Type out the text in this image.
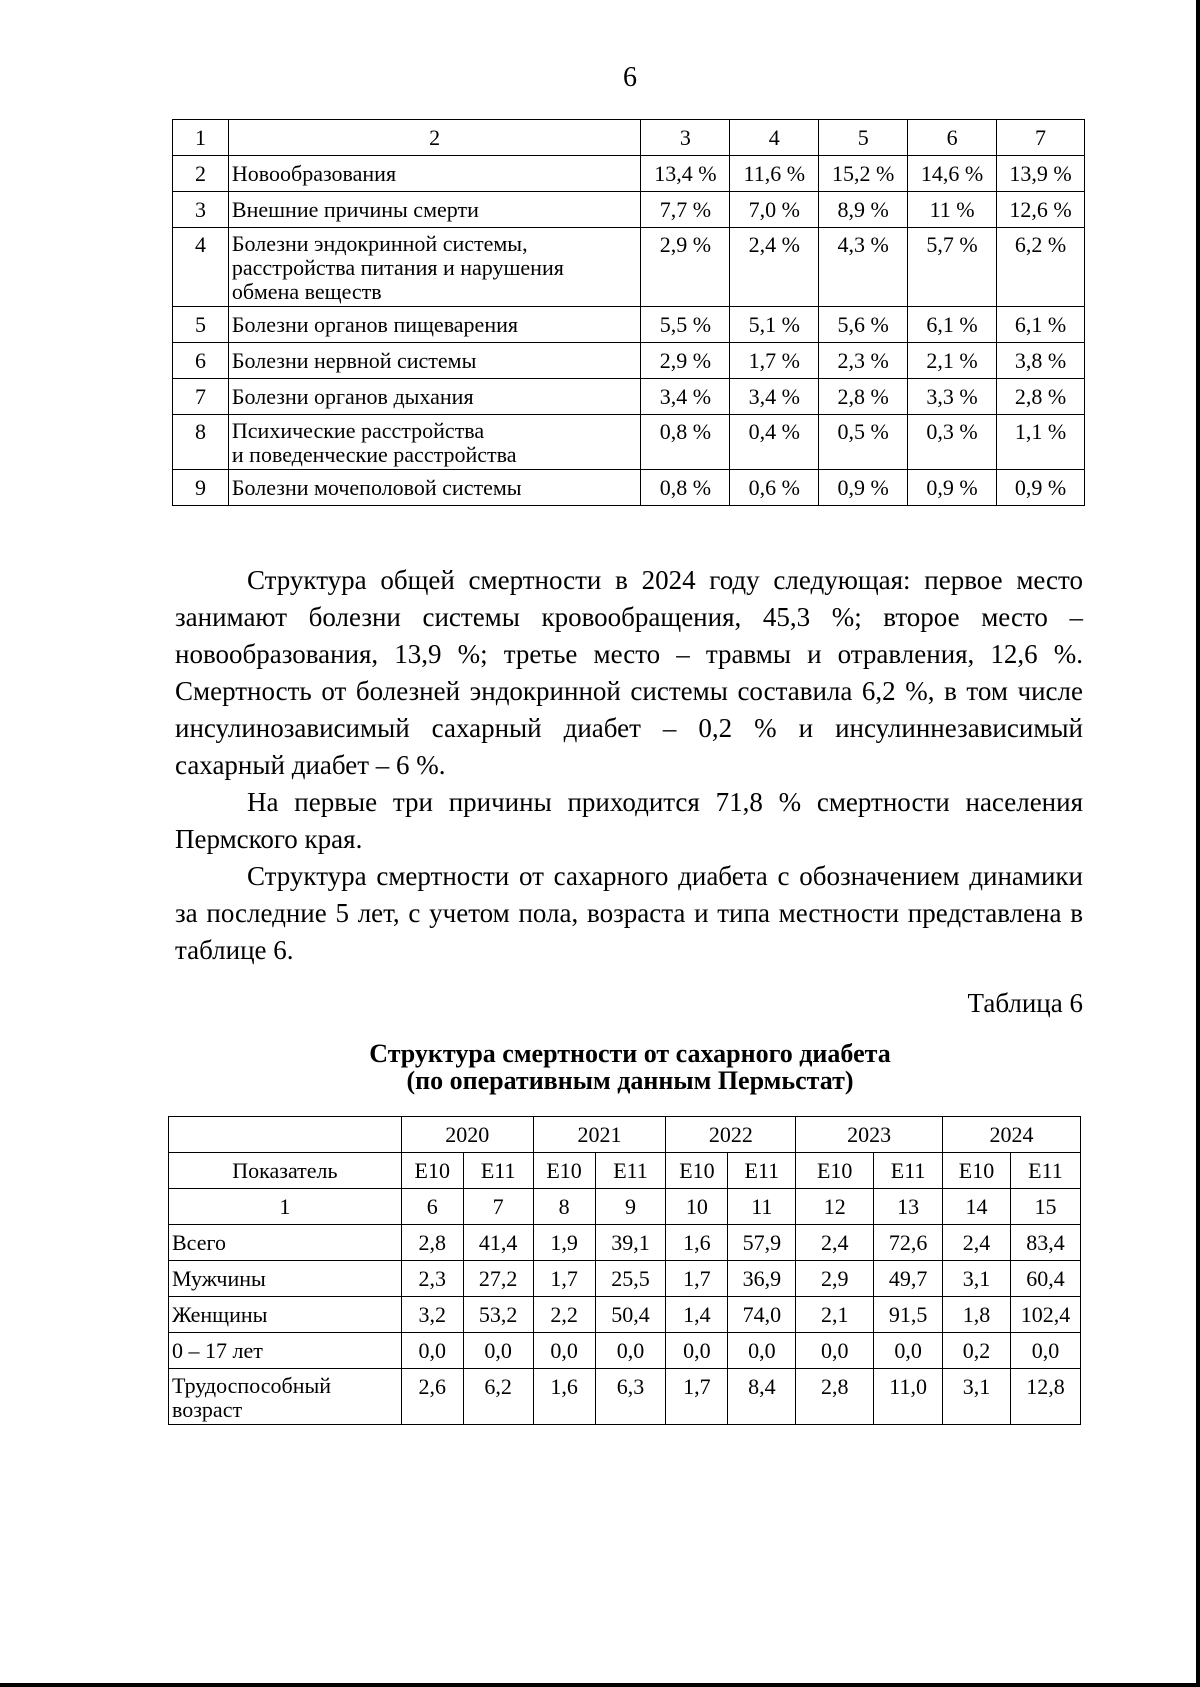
6
1	2	3	4	5	6	7
2	Новообразования	13,4 %	11,6 %	15,2 %	14,6 %	13,9 %
3	Внешние причины смерти	7,7 %	7,0 %	8,9 %	11 %	12,6 %
4	Болезни эндокринной системы,
расстройства питания и нарушения
обмена веществ	2,9 %	2,4 %	4,3 %	5,7 %	6,2 %
5	Болезни органов пищеварения	5,5 %	5,1 %	5,6 %	6,1 %	6,1 %
6	Болезни нервной системы	2,9 %	1,7 %	2,3 %	2,1 %	3,8 %
7	Болезни органов дыхания	3,4 %	3,4 %	2,8 %	3,3 %	2,8 %
8	Психические расстройства
и поведенческие расстройства	0,8 %	0,4 %	0,5 %	0,3 %	1,1 %
9	Болезни мочеполовой системы	0,8 %	0,6 %	0,9 %	0,9 %	0,9 %

Структура общей смертности в 2024 году следующая: первое место занимают болезни системы кровообращения, 45,3 %; второе место – новообразования, 13,9 %; третье место – травмы и отравления, 12,6 %. Смертность от болезней эндокринной системы составила 6,2 %, в том числе инсулинозависимый сахарный диабет – 0,2 % и инсулиннезависимый сахарный диабет – 6 %.

На первые три причины приходится 71,8 % смертности населения Пермского края.

Структура смертности от сахарного диабета с обозначением динамики за последние 5 лет, с учетом пола, возраста и типа местности представлена в таблице 6.

Таблица 6
Структура смертности от сахарного диабета
(по оперативным данным Пермьстат)
	2020		2021		2022		2023		2024	
Показатель	E10	E11	E10	E11	E10	E11	E10	E11	E10	E11
1	6	7	8	9	10	11	12	13	14	15
Всего	2,8	41,4	1,9	39,1	1,6	57,9	2,4	72,6	2,4	83,4
Мужчины	2,3	27,2	1,7	25,5	1,7	36,9	2,9	49,7	3,1	60,4
Женщины	3,2	53,2	2,2	50,4	1,4	74,0	2,1	91,5	1,8	102,4
0 – 17 лет	0,0	0,0	0,0	0,0	0,0	0,0	0,0	0,0	0,2	0,0

Трудоспособный
возраст	2,6	6,2	1,6	6,3	1,7	8,4	2,8	11,0	3,1	12,8
